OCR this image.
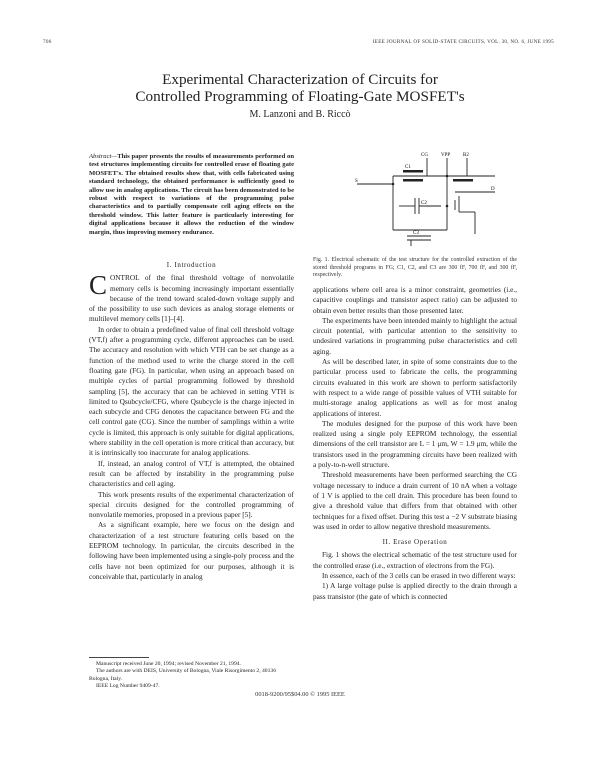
706	IEEE JOURNAL OF SOLID-STATE CIRCUITS, VOL. 30, NO. 6, JUNE 1995
Experimental Characterization of Circuits for
Controlled Programming of Floating-Gate MOSFET's
M. Lanzoni and B. Riccò
Abstract—This paper presents the results of measurements performed on test structures implementing circuits for controlled erase of floating gate MOSFET's. The obtained results show that, with cells fabricated using standard technology, the obtained performance is sufficiently good to allow use in analog applications. The circuit has been demonstrated to be robust with respect to variations of the programming pulse characteristics and to partially compensate cell aging effects on the threshold window. This latter feature is particularly interesting for digital applications because it allows the reduction of the window margin, thus improving memory endurance.
I. Introduction

CONTROL of the final threshold voltage of nonvolatile memory cells is becoming increasingly important essentially because of the trend toward scaled-down voltage supply and of the possibility to use such devices as analog storage elements or multilevel memory cells [1]–[4].

In order to obtain a predefined value of final cell threshold voltage (VT,f) after a programming cycle, different approaches can be used. The accuracy and resolution with which VTH can be set change as a function of the method used to write the charge stored in the cell floating gate (FG). In particular, when using an approach based on multiple cycles of partial programming followed by threshold sampling [5], the accuracy that can be achieved in setting VTH is limited to Qsubcycle/CFG, where Qsubcycle is the charge injected in each subcycle and CFG denotes the capacitance between FG and the cell control gate (CG). Since the number of samplings within a write cycle is limited, this approach is only suitable for digital applications, where stability in the cell operation is more critical than accuracy, but it is intrinsically too inaccurate for analog applications.

If, instead, an analog control of VT,f is attempted, the obtained result can be affected by instability in the programming pulse characteristics and cell aging.

This work presents results of the experimental characterization of special circuits designed for the controlled programming of nonvolatile memories, proposed in a previous paper [5].

As a significant example, here we focus on the design and characterization of a test structure featuring cells based on the EEPROM technology. In particular, the circuits described in the following have been implemented using a single-poly process and the cells have not been optimized for our purposes, although it is conceivable that, particularly in analog

Manuscript received June 20, 1994; revised November 21, 1994.

The authors are with DEIS, University of Bologna, Viale Risorgimento 2, 40136 Bologna, Italy.

IEEE Log Number 9409-47.

CG	VPP	B2
S
C1
C2
C3
D
Fig. 1. Electrical schematic of the test structure for the controlled extraction of the stored threshold programs in FG; C1, C2, and C3 are 300 fF, 700 fF, and 300 fF, respectively.

applications where cell area is a minor constraint, geometries (i.e., capacitive couplings and transistor aspect ratio) can be adjusted to obtain even better results than those presented later.

The experiments have been intended mainly to highlight the actual circuit potential, with particular attention to the sensitivity to undesired variations in programming pulse characteristics and cell aging.

As will be described later, in spite of some constraints due to the particular process used to fabricate the cells, the programming circuits evaluated in this work are shown to perform satisfactorily with respect to a wide range of possible values of VTH suitable for multi-storage analog applications as well as for most analog applications of interest.

The modules designed for the purpose of this work have been realized using a single poly EEPROM technology, the essential dimensions of the cell transistor are L = 1 μm, W = 1.9 μm, while the transistors used in the programming circuits have been realized with a poly-to-n-well structure.

Threshold measurements have been performed searching the CG voltage necessary to induce a drain current of 10 nA when a voltage of 1 V is applied to the cell drain. This procedure has been found to give a threshold value that differs from that obtained with other techniques for a fixed offset. During this test a −2 V substrate biasing was used in order to allow negative threshold measurements.

II. Erase Operation

Fig. 1 shows the electrical schematic of the test structure used for the controlled erase (i.e., extraction of electrons from the FG).

In essence, each of the 3 cells can be erased in two different ways:

1) A large voltage pulse is applied directly to the drain through a pass transistor (the gate of which is connected

0018-9200/95$04.00 © 1995 IEEE
